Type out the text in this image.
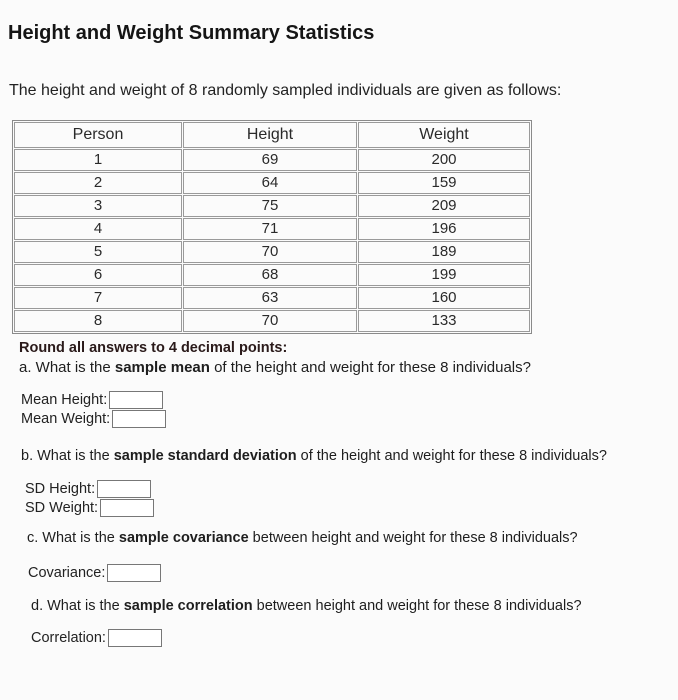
Height and Weight Summary Statistics
The height and weight of 8 randomly sampled individuals are given as follows:
Person	Height	Weight
1	69	200
2	64	159
3	75	209
4	71	196
5	70	189
6	68	199
7	63	160
8	70	133
Round all answers to 4 decimal points:
a. What is the sample mean of the height and weight for these 8 individuals?
Mean Height:
Mean Weight:
b. What is the sample standard deviation of the height and weight for these 8 individuals?
SD Height:
SD Weight:
c. What is the sample covariance between height and weight for these 8 individuals?
Covariance:
d. What is the sample correlation between height and weight for these 8 individuals?
Correlation:
